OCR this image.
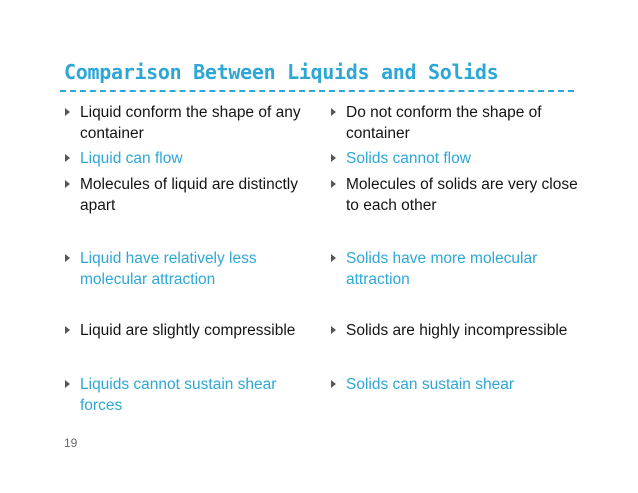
Comparison Between Liquids and Solids
Liquid conform the shape of any container
Liquid can flow
Molecules of liquid are distinctly apart
Liquid have relatively less molecular attraction
Liquid are slightly compressible
Liquids cannot sustain shear forces
Do not conform the shape of container
Solids cannot flow
Molecules of solids are very close to each other
Solids have more molecular attraction
Solids are highly incompressible
Solids can sustain shear
19
